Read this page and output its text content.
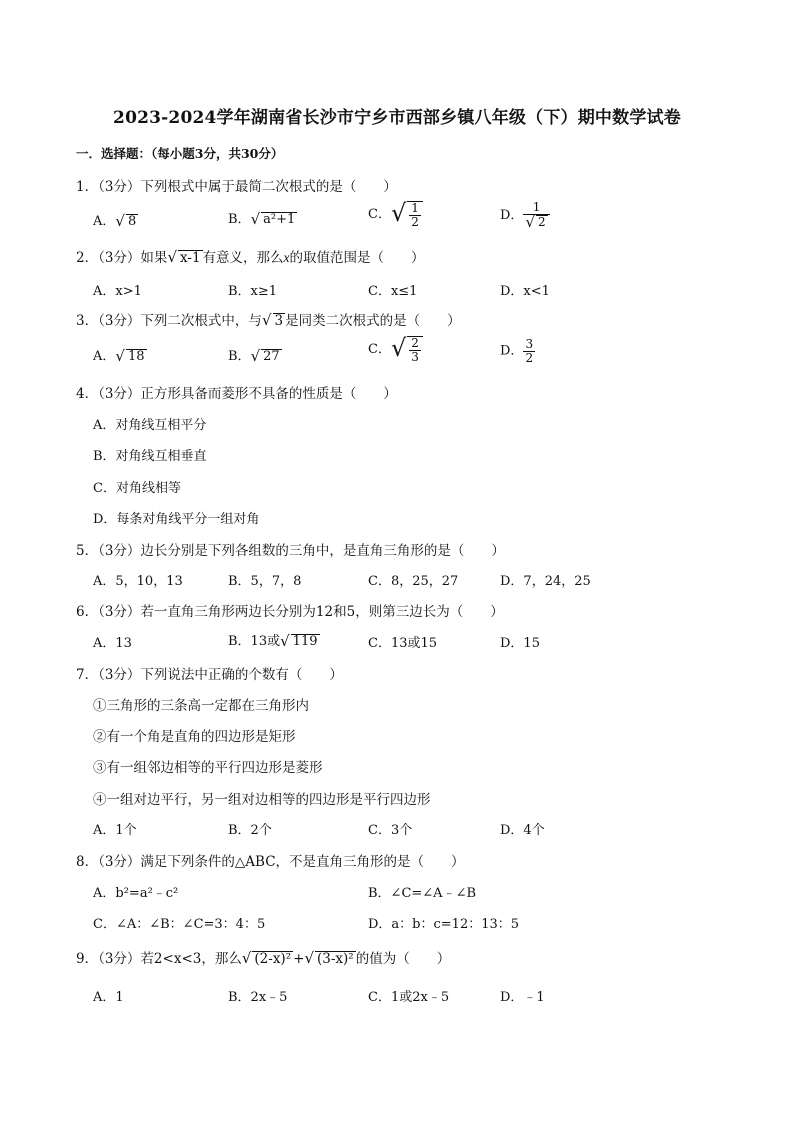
2023-2024学年湖南省长沙市宁乡市西部乡镇八年级（下）期中数学试卷
一．选择题：（每小题3分，共30分）
1．（3分）下列根式中属于最简二次根式的是（　　）
A． √ 8	B． √ a²+1	C． √ $\frac{1}{2}$	D． $\frac{1}{√ 2}$
2．（3分）如果 √ x-1 有意义，那么x的取值范围是（　　）
A．x>1	B．x≥1	C．x≤1	D．x<1
3．（3分）下列二次根式中，与 √ 3 是同类二次根式的是（　　）
A． √ 18	B． √ 27	C． √ $\frac{2}{3}$	D． $\frac{3}{2}$
4．（3分）正方形具备而菱形不具备的性质是（　　）
A．对角线互相平分
B．对角线互相垂直
C．对角线相等
D．每条对角线平分一组对角
5．（3分）边长分别是下列各组数的三角中，是直角三角形的是（　　）
A．5，10，13	B．5，7，8	C．8，25，27	D．7，24，25
6．（3分）若一直角三角形两边长分别为12和5，则第三边长为（　　）
A．13	B．13或 √ 119	C．13或15	D．15
7．（3分）下列说法中正确的个数有（　　）
①三角形的三条高一定都在三角形内
②有一个角是直角的四边形是矩形
③有一组邻边相等的平行四边形是菱形
④一组对边平行，另一组对边相等的四边形是平行四边形
A．1个	B．2个	C．3个	D．4个
8．（3分）满足下列条件的△ABC，不是直角三角形的是（　　）
A．b²=a²﹣c²	B．∠C=∠A﹣∠B
C．∠A：∠B：∠C=3：4：5	D．a：b：c=12：13：5
9．（3分）若2<x<3，那么 √ (2-x)² + √ (3-x)² 的值为（　　）
A．1	B．2x﹣5	C．1或2x﹣5	D．﹣1
